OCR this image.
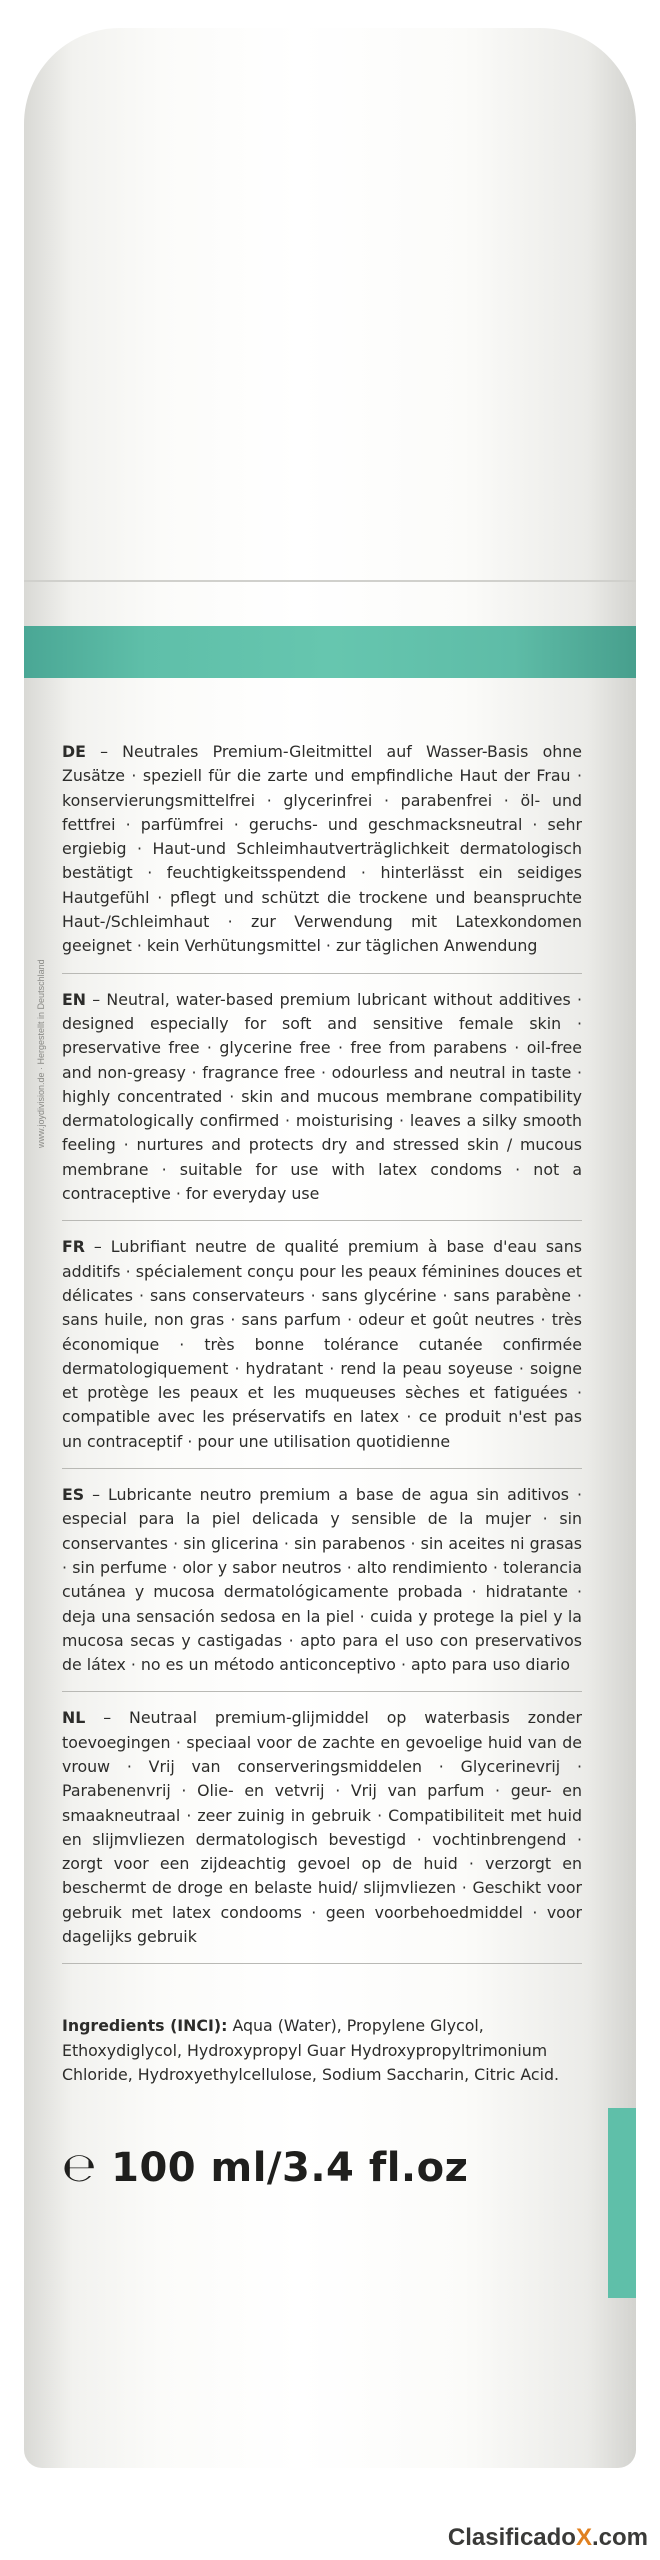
www.joydivision.de · Hergestellt in Deutschland
DE – Neutrales Premium-Gleitmittel auf Wasser-Basis ohne Zusätze · speziell für die zarte und empfindliche Haut der Frau · konservierungsmittelfrei · glycerinfrei · parabenfrei · öl- und fettfrei · parfümfrei · geruchs- und geschmacksneutral · sehr ergiebig · Haut-und Schleimhautverträglichkeit dermatologisch bestätigt · feuchtigkeitsspendend · hinterlässt ein seidiges Hautgefühl · pflegt und schützt die trockene und beanspruchte Haut-/Schleimhaut · zur Verwendung mit Latexkondomen geeignet · kein Verhütungsmittel · zur täglichen Anwendung
EN – Neutral, water-based premium lubricant without additives · designed especially for soft and sensitive female skin · preservative free · glycerine free · free from parabens · oil-free and non-greasy · fragrance free · odourless and neutral in taste · highly concentrated · skin and mucous membrane compatibility dermatologically confirmed · moisturising · leaves a silky smooth feeling · nurtures and protects dry and stressed skin / mucous membrane · suitable for use with latex condoms · not a contraceptive · for everyday use
FR – Lubrifiant neutre de qualité premium à base d'eau sans additifs · spécialement conçu pour les peaux féminines douces et délicates · sans conservateurs · sans glycérine · sans parabène · sans huile, non gras · sans parfum · odeur et goût neutres · très économique · très bonne tolérance cutanée confirmée dermatologiquement · hydratant · rend la peau soyeuse · soigne et protège les peaux et les muqueuses sèches et fatiguées · compatible avec les préservatifs en latex · ce produit n'est pas un contraceptif · pour une utilisation quotidienne
ES – Lubricante neutro premium a base de agua sin aditivos · especial para la piel delicada y sensible de la mujer · sin conservantes · sin glicerina · sin parabenos · sin aceites ni grasas · sin perfume · olor y sabor neutros · alto rendimiento · tolerancia cutánea y mucosa dermatológicamente probada · hidratante · deja una sensación sedosa en la piel · cuida y protege la piel y la mucosa secas y castigadas · apto para el uso con preservativos de látex · no es un método anticonceptivo · apto para uso diario
NL – Neutraal premium-glijmiddel op waterbasis zonder toevoegingen · speciaal voor de zachte en gevoelige huid van de vrouw · Vrij van conserveringsmiddelen · Glycerinevrij · Parabenenvrij · Olie- en vetvrij · Vrij van parfum · geur- en smaakneutraal · zeer zuinig in gebruik · Compatibiliteit met huid en slijmvliezen dermatologisch bevestigd · vochtinbrengend · zorgt voor een zijdeachtig gevoel op de huid · verzorgt en beschermt de droge en belaste huid/ slijmvliezen · Geschikt voor gebruik met latex condooms · geen voorbehoedmiddel · voor dagelijks gebruik
Ingredients (INCI): Aqua (Water), Propylene Glycol, Ethoxydiglycol, Hydroxypropyl Guar Hydroxypropyltrimonium Chloride, Hydroxyethylcellulose, Sodium Saccharin, Citric Acid.
℮ 100 ml/3.4 fl.oz
ClasificadoX.com
